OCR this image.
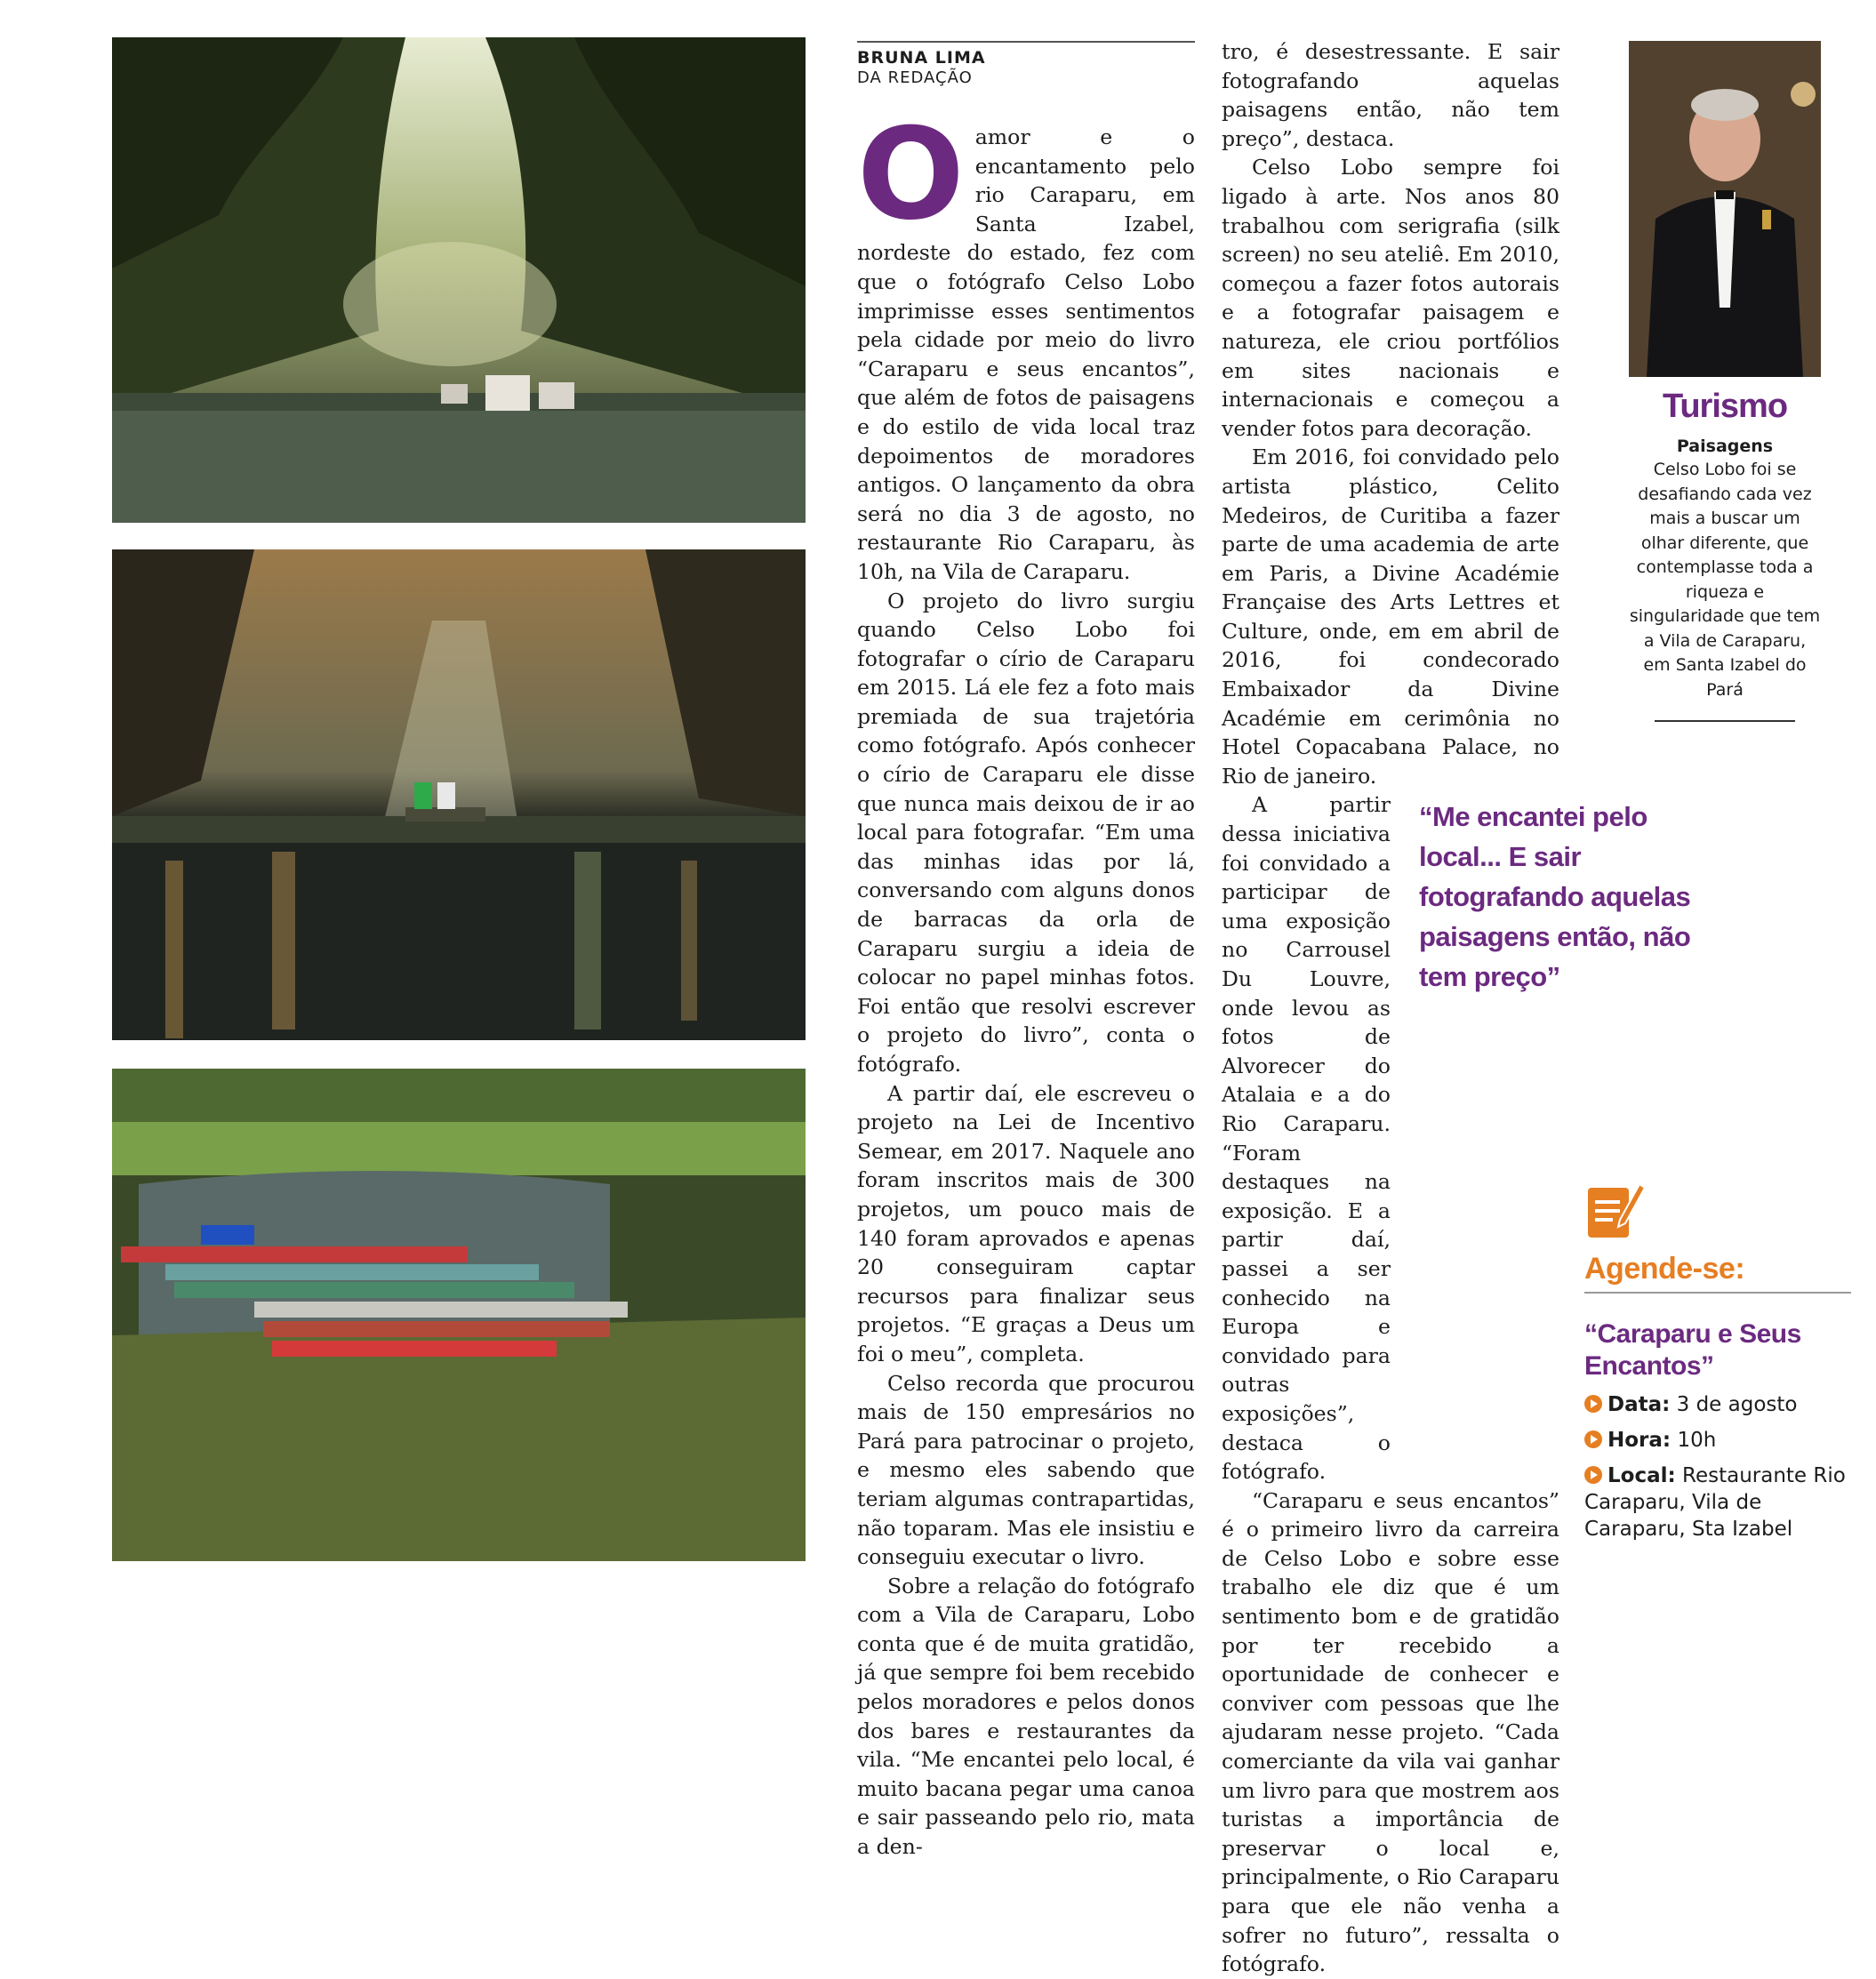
BRUNA LIMA
DA REDAÇÃO
O amor e o encantamento pelo rio Caraparu, em Santa Izabel, nordeste do estado, fez com que o fotógrafo Celso Lobo imprimisse esses sentimentos pela cidade por meio do livro “Caraparu e seus encantos”, que além de fotos de paisagens e do estilo de vida local traz depoimentos de moradores antigos. O lançamento da obra será no dia 3 de agosto, no restaurante Rio Caraparu, às 10h, na Vila de Caraparu.

O projeto do livro surgiu quando Celso Lobo foi fotografar o círio de Caraparu em 2015. Lá ele fez a foto mais premiada de sua trajetória como fotógrafo. Após conhecer o círio de Caraparu ele disse que nunca mais deixou de ir ao local para fotografar. “Em uma das minhas idas por lá, conversando com alguns donos de barracas da orla de Caraparu surgiu a ideia de colocar no papel minhas fotos. Foi então que resolvi escrever o projeto do livro”, conta o fotógrafo.

A partir daí, ele escreveu o projeto na Lei de Incentivo Semear, em 2017. Naquele ano foram inscritos mais de 300 projetos, um pouco mais de 140 foram aprovados e apenas 20 conseguiram captar recursos para finalizar seus projetos. “E graças a Deus um foi o meu”, completa.

Celso recorda que procurou mais de 150 empresários no Pará para patrocinar o projeto, e mesmo eles sabendo que teriam algumas contrapartidas, não toparam. Mas ele insistiu e conseguiu executar o livro.

Sobre a relação do fotógrafo com a Vila de Caraparu, Lobo conta que é de muita gratidão, já que sempre foi bem recebido pelos moradores e pelos donos dos bares e restaurantes da vila. “Me encantei pelo local, é muito bacana pegar uma canoa e sair passeando pelo rio, mata a den-

tro, é desestressante. E sair fotografando aquelas paisagens então, não tem preço”, destaca.

Celso Lobo sempre foi ligado à arte. Nos anos 80 trabalhou com serigrafia (silk screen) no seu ateliê. Em 2010, começou a fazer fotos autorais e a fotografar paisagem e natureza, ele criou portfólios em sites nacionais e internacionais e começou a vender fotos para decoração.

Em 2016, foi convidado pelo artista plástico, Celito Medeiros, de Curitiba a fazer parte de uma academia de arte em Paris, a Divine Académie Française des Arts Lettres et Culture, onde, em em abril de 2016, foi condecorado Embaixador da Divine Académie em cerimônia no Hotel Copacabana Palace, no Rio de janeiro.

A partir dessa iniciativa foi convidado a participar de uma exposição no Carrousel Du Louvre, onde levou as fotos de Alvorecer do Atalaia e a do Rio Caraparu. “Foram destaques na exposição. E a partir daí, passei a ser conhecido na Europa e convidado para outras exposições”, destaca o fotógrafo.

“Caraparu e seus encantos” é o primeiro livro da carreira de Celso Lobo e sobre esse trabalho ele diz que é um sentimento bom e de gratidão por ter recebido a oportunidade de conhecer e conviver com pessoas que lhe ajudaram nesse projeto. “Cada comerciante da vila vai ganhar um livro para que mostrem aos turistas a importância de preservar o local e, principalmente, o Rio Caraparu para que ele não venha a sofrer no futuro”, ressalta o fotógrafo.

Turismo
Paisagens
Celso Lobo foi se desafiando cada vez mais a buscar um olhar diferente, que contemplasse toda a riqueza e singularidade que tem a Vila de Caraparu, em Santa Izabel do Pará
“Me encantei pelo local... E sair fotografando aquelas paisagens então, não tem preço”
Agende-se:
“Caraparu e Seus Encantos”
Data: 3 de agosto
Hora: 10h
Local: Restaurante Rio Caraparu, Vila de Caraparu, Sta Izabel
